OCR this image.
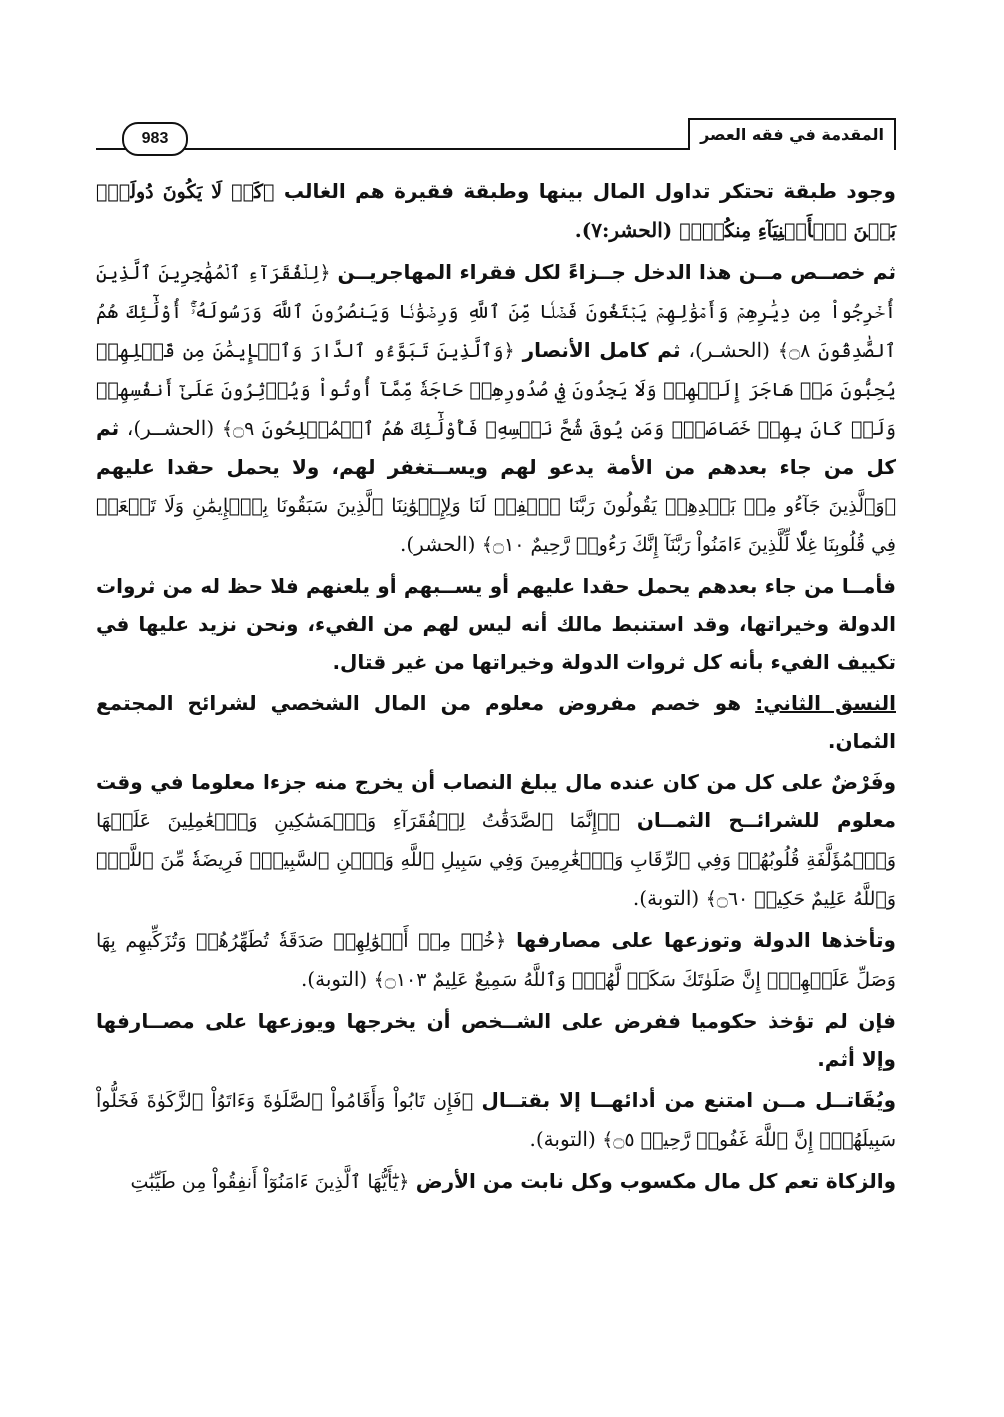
المقدمة في فقه العصر
983

وجود طبقة تحتكر تداول المال بينها وطبقة فقيرة هم الغالب ﴿كَيۡ لَا يَكُونَ دُولَةَۢ بَيۡنَ ٱلۡأَغۡنِيَآءِ مِنكُمۡۚ﴾ (الحشر:٧).

ثم خصــص مــن هذا الدخل جــزاءً لكل فقراء المهاجريــن ﴿لِلۡفُقَرَآءِ ٱلۡمُهَٰجِرِينَ ٱلَّذِينَ أُخۡرِجُواْ مِن دِيَٰرِهِمۡ وَأَمۡوَٰلِهِمۡ يَبۡتَغُونَ فَضۡلٗا مِّنَ ٱللَّهِ وَرِضۡوَٰنٗا وَيَنصُرُونَ ٱللَّهَ وَرَسُولَهُۥٓۚ أُوْلَٰٓئِكَ هُمُ ٱلصَّٰدِقُونَ ۝٨﴾ (الحشـر)، ثم كامل الأنصار ﴿وَٱلَّذِينَ تَبَوَّءُو ٱلدَّارَ وَٱلۡإِيمَٰنَ مِن قَبۡلِهِمۡ يُحِبُّونَ مَنۡ هَاجَرَ إِلَيۡهِمۡ وَلَا يَجِدُونَ فِي صُدُورِهِمۡ حَاجَةٗ مِّمَّآ أُوتُواْ وَيُؤۡثِرُونَ عَلَىٰٓ أَنفُسِهِمۡ وَلَوۡ كَانَ بِهِمۡ خَصَاصَةٞۚ وَمَن يُوقَ شُحَّ نَفۡسِهِۦ فَأُوْلَٰٓئِكَ هُمُ ٱلۡمُفۡلِحُونَ ۝٩﴾ (الحشــر)، ثم كل من جاء بعدهم من الأمة يدعو لهم ويســتغفر لهم، ولا يحمل حقدا عليهم ﴿وَٱلَّذِينَ جَآءُو مِنۢ بَعۡدِهِمۡ يَقُولُونَ رَبَّنَا ٱغۡفِرۡ لَنَا وَلِإِخۡوَٰنِنَا ٱلَّذِينَ سَبَقُونَا بِٱلۡإِيمَٰنِ وَلَا تَجۡعَلۡ فِي قُلُوبِنَا غِلّٗا لِّلَّذِينَ ءَامَنُواْ رَبَّنَآ إِنَّكَ رَءُوفٞ رَّحِيمٌ ۝١٠﴾ (الحشر).

فأمــا من جاء بعدهم يحمل حقدا عليهم أو يســبهم أو يلعنهم فلا حظ له من ثروات الدولة وخيراتها، وقد استنبط مالك أنه ليس لهم من الفيء، ونحن نزيد عليها في تكييف الفيء بأنه كل ثروات الدولة وخيراتها من غير قتال.

النسق الثاني: هو خصم مفروض معلوم من المال الشخصي لشرائح المجتمع الثمان.

وفَرْضٌ على كل من كان عنده مال يبلغ النصاب أن يخرج منه جزءا معلوما في وقت معلوم للشرائــح الثمــان ﴿۞إِنَّمَا ٱلصَّدَقَٰتُ لِلۡفُقَرَآءِ وَٱلۡمَسَٰكِينِ وَٱلۡعَٰمِلِينَ عَلَيۡهَا وَٱلۡمُؤَلَّفَةِ قُلُوبُهُمۡ وَفِي ٱلرِّقَابِ وَٱلۡغَٰرِمِينَ وَفِي سَبِيلِ ٱللَّهِ وَٱبۡنِ ٱلسَّبِيلِۖ فَرِيضَةٗ مِّنَ ٱللَّهِۗ وَٱللَّهُ عَلِيمٌ حَكِيمٞ ۝٦٠﴾ (التوبة).

وتأخذها الدولة وتوزعها على مصارفها ﴿خُذۡ مِنۡ أَمۡوَٰلِهِمۡ صَدَقَةٗ تُطَهِّرُهُمۡ وَتُزَكِّيهِم بِهَا وَصَلِّ عَلَيۡهِمۡۖ إِنَّ صَلَوٰتَكَ سَكَنٞ لَّهُمۡۗ وَٱللَّهُ سَمِيعٌ عَلِيمٌ ۝١٠٣﴾ (التوبة).

فإن لم تؤخذ حكوميا ففرض على الشــخص أن يخرجها ويوزعها على مصــارفها وإلا أثم.

ويُقَاتــل مــن امتنع من أدائهــا إلا بقتــال ﴿فَإِن تَابُواْ وَأَقَامُواْ ٱلصَّلَوٰةَ وَءَاتَوُاْ ٱلزَّكَوٰةَ فَخَلُّواْ سَبِيلَهُمۡۚ إِنَّ ٱللَّهَ غَفُورٞ رَّحِيمٞ ۝٥﴾ (التوبة).

والزكاة تعم كل مال مكسوب وكل نابت من الأرض ﴿يَٰٓأَيُّهَا ٱلَّذِينَ ءَامَنُوٓاْ أَنفِقُواْ مِن طَيِّبَٰتِ
